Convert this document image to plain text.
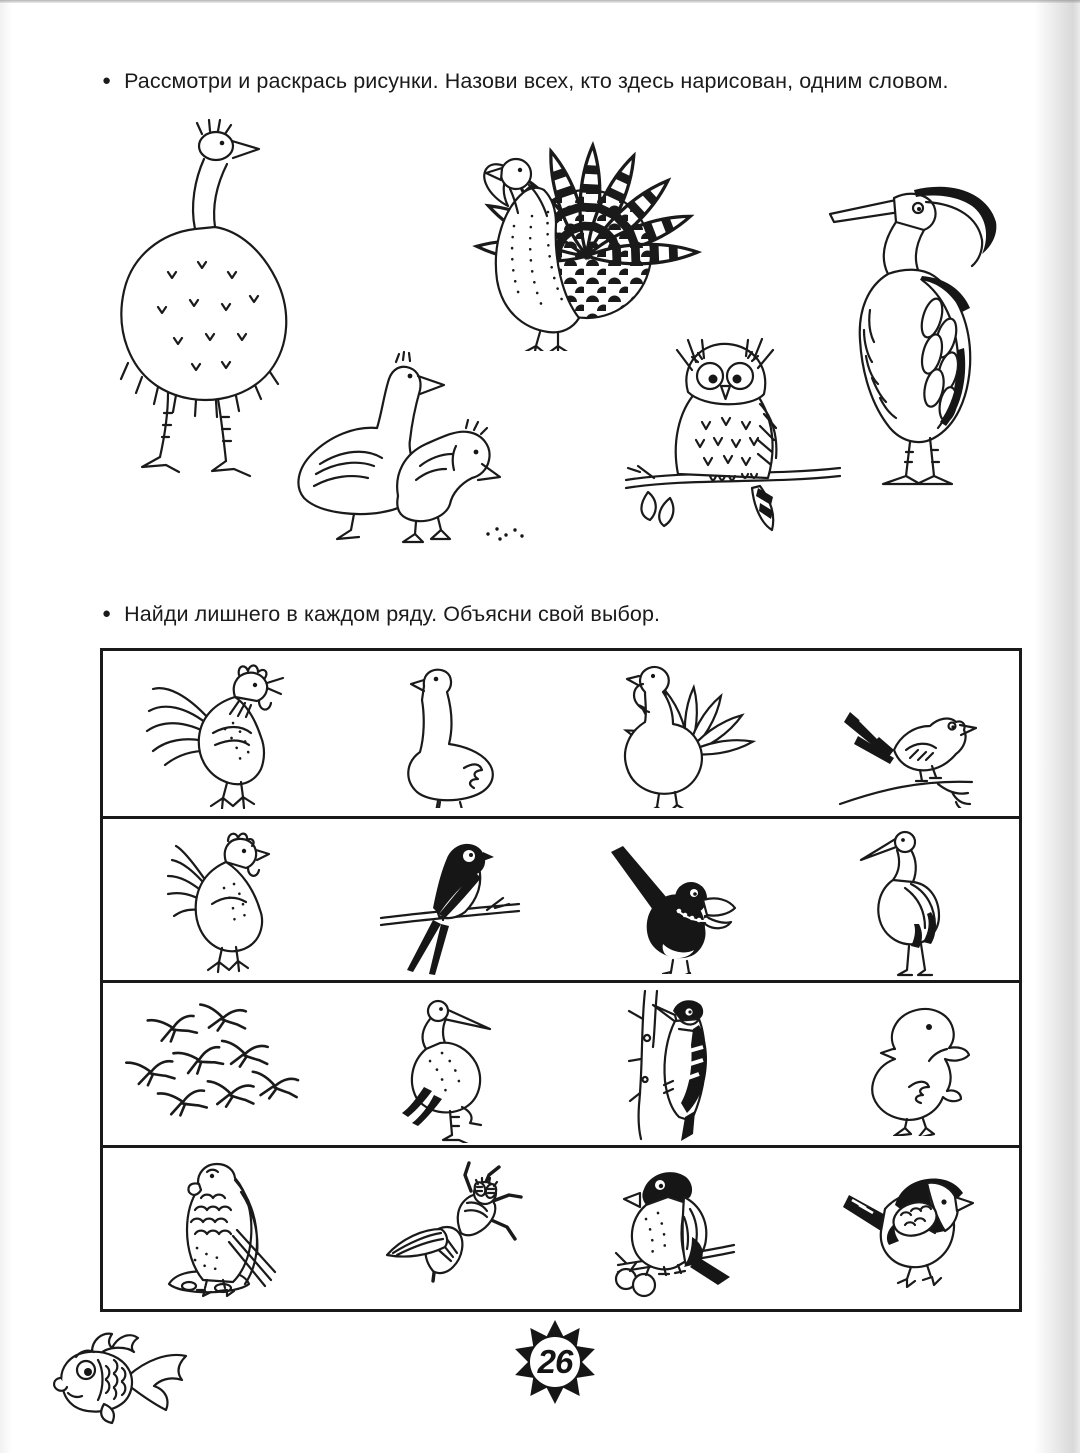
● Рассмотри и раскрась рисунки. Назови всех, кто здесь нарисован, одним словом.
● Найди лишнего в каждом ряду. Объясни свой выбор.
26
